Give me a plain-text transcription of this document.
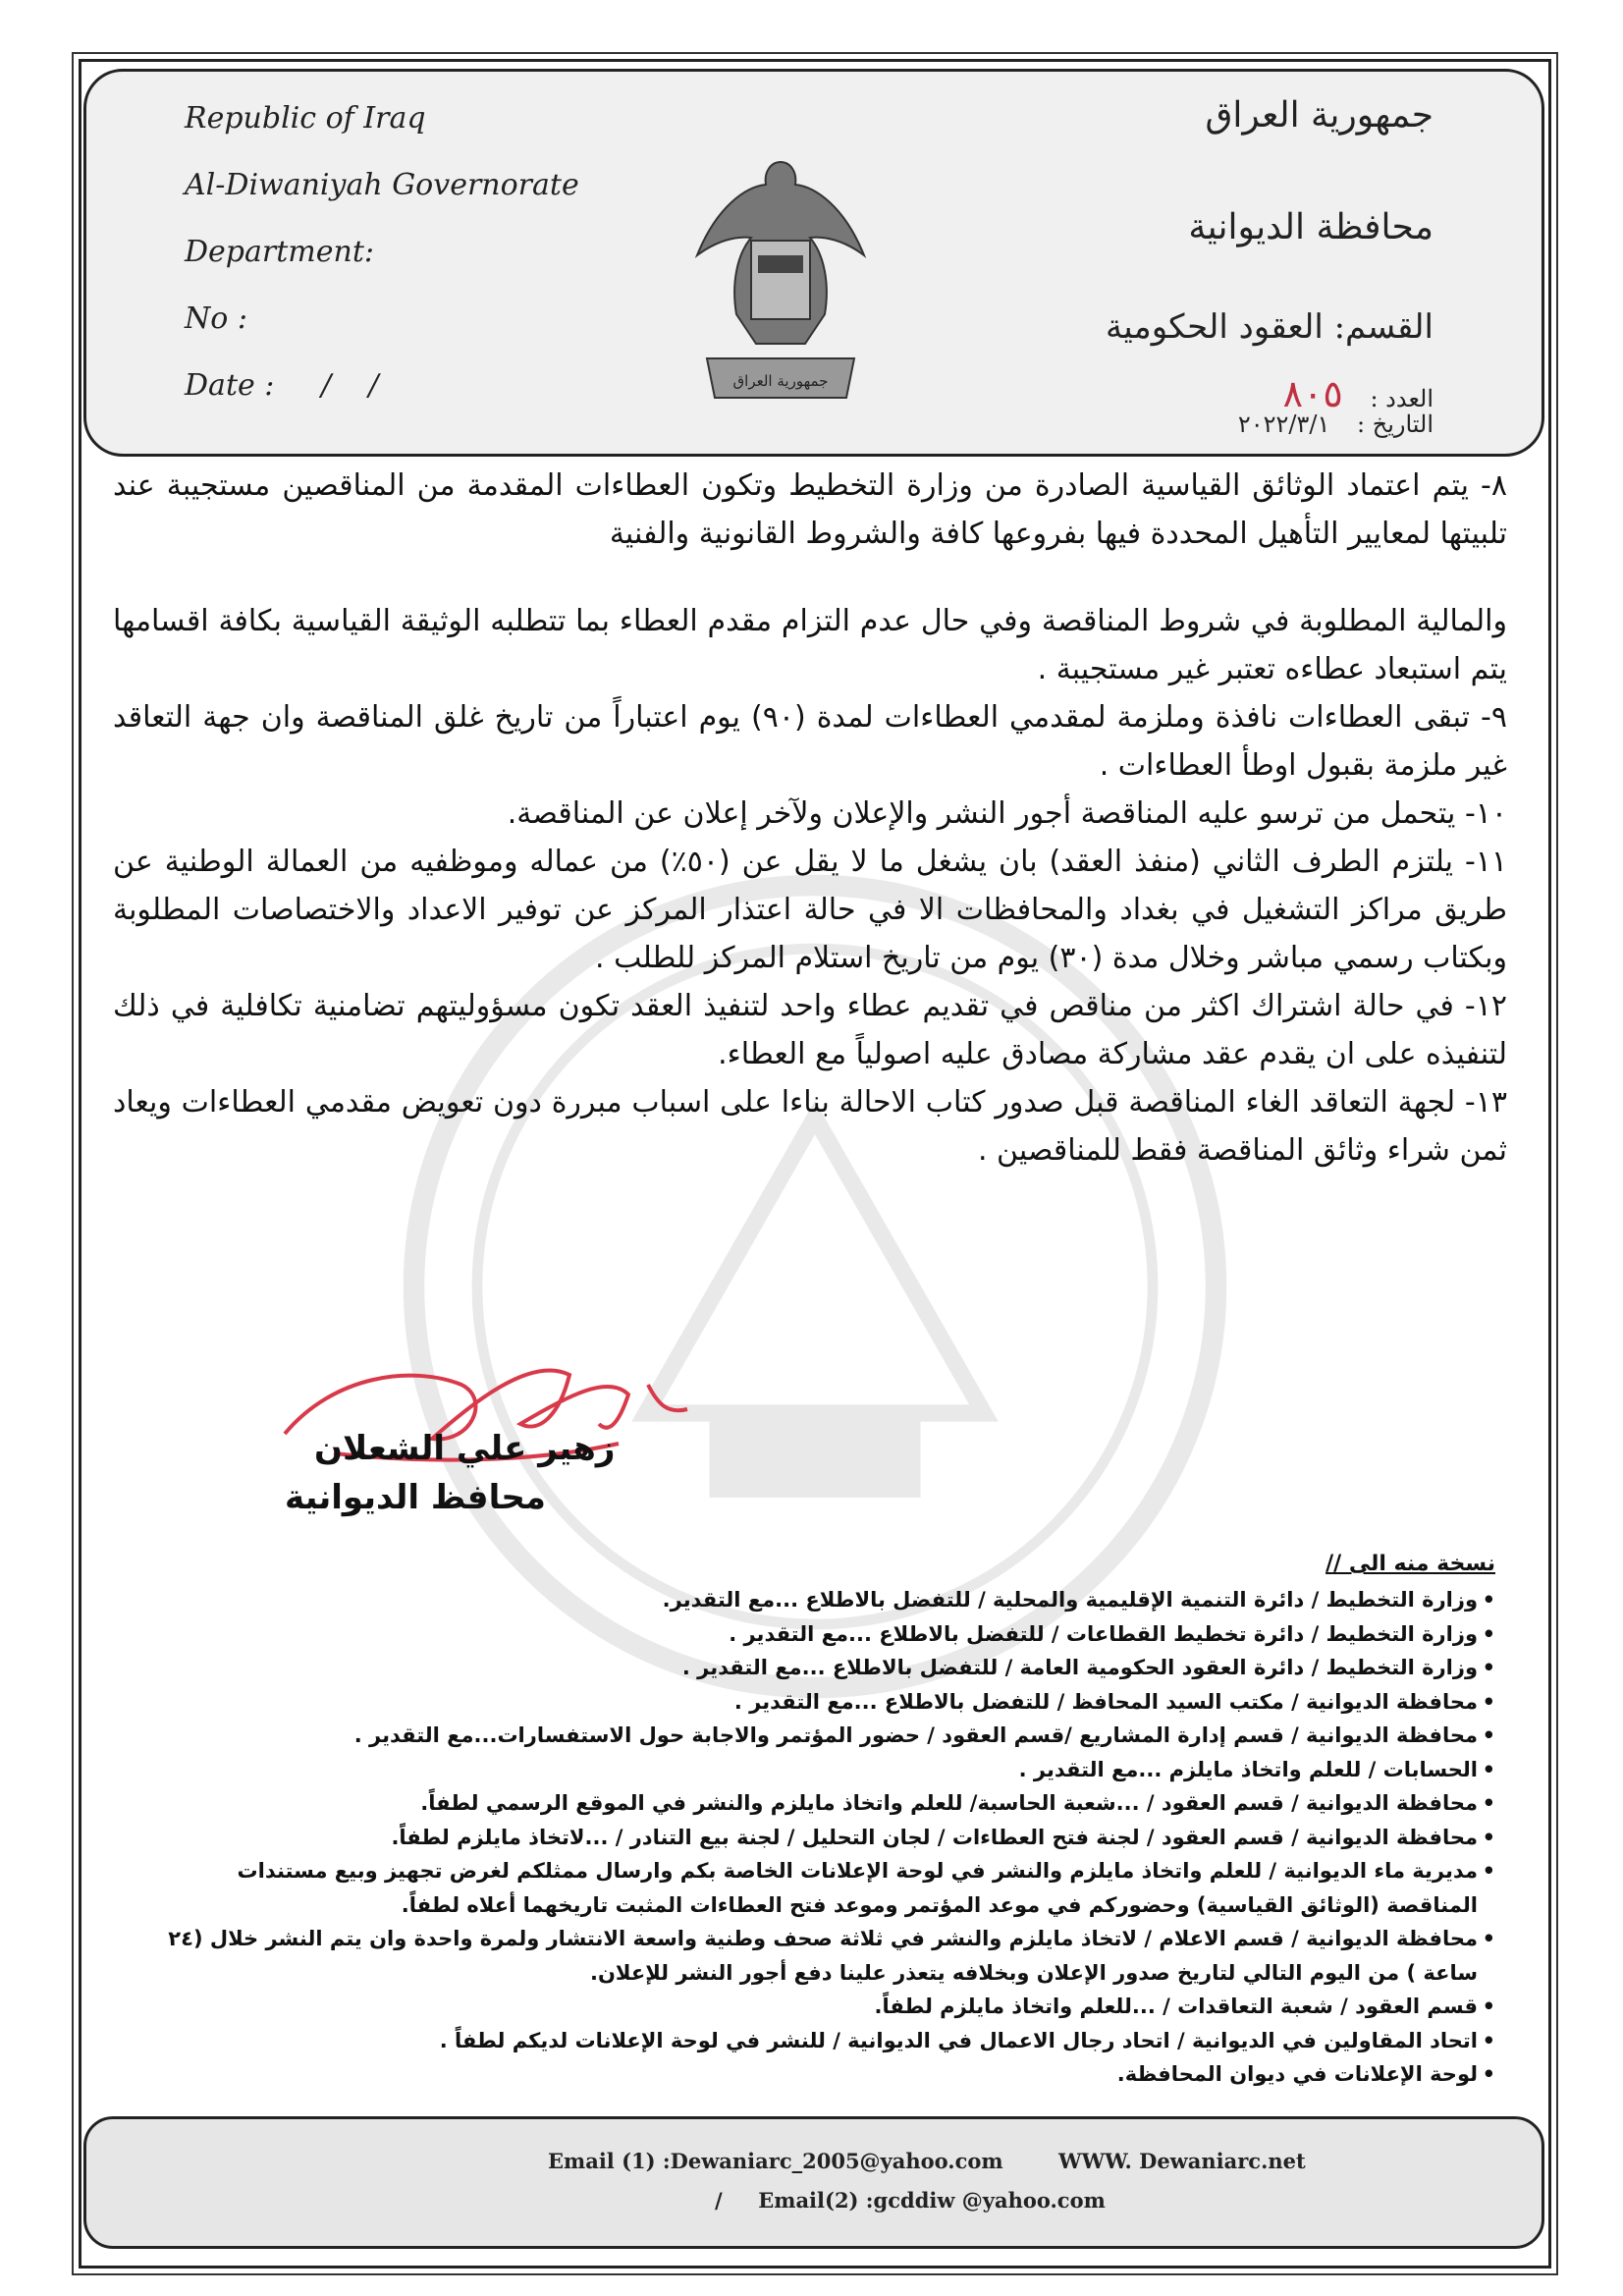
Republic of Iraq
Al-Diwaniyah Governorate
Department:
No :
Date :     /    /
جمهورية العراق
محافظة الديوانية
القسم: العقود الحكومية
العدد : ٨٠٥
التاريخ : ٢٠٢٢/٣/١
جمهورية العراق

٨- يتم اعتماد الوثائق القياسية الصادرة من وزارة التخطيط وتكون العطاءات المقدمة من المناقصين مستجيبة عند تلبيتها لمعايير التأهيل المحددة فيها بفروعها كافة والشروط القانونية والفنية

والمالية المطلوبة في شروط المناقصة وفي حال عدم التزام مقدم العطاء بما تتطلبه الوثيقة القياسية بكافة اقسامها يتم استبعاد عطاءه تعتبر غير مستجيبة .

٩- تبقى العطاءات نافذة وملزمة لمقدمي العطاءات لمدة (٩٠) يوم اعتباراً من تاريخ غلق المناقصة وان جهة التعاقد غير ملزمة بقبول اوطأ العطاءات .

١٠- يتحمل من ترسو عليه المناقصة أجور النشر والإعلان ولآخر إعلان عن المناقصة.

١١- يلتزم الطرف الثاني (منفذ العقد) بان يشغل ما لا يقل عن (٥٠٪) من عماله وموظفيه من العمالة الوطنية عن طريق مراكز التشغيل في بغداد والمحافظات الا في حالة اعتذار المركز عن توفير الاعداد والاختصاصات المطلوبة وبكتاب رسمي مباشر وخلال مدة (٣٠) يوم من تاريخ استلام المركز للطلب .

١٢- في حالة اشتراك اكثر من مناقص في تقديم عطاء واحد لتنفيذ العقد تكون مسؤوليتهم تضامنية تكافلية في ذلك لتنفيذه على ان يقدم عقد مشاركة مصادق عليه اصولياً مع العطاء.

١٣- لجهة التعاقد الغاء المناقصة قبل صدور كتاب الاحالة بناءا على اسباب مبررة دون تعويض مقدمي العطاءات ويعاد ثمن شراء وثائق المناقصة فقط للمناقصين .

زهير علي الشعلان
محافظ الديوانية
نسخة منه الى //
• وزارة التخطيط / دائرة التنمية الإقليمية والمحلية / للتفضل بالاطلاع ...مع التقدير.
• وزارة التخطيط / دائرة تخطيط القطاعات / للتفضل بالاطلاع ...مع التقدير .
• وزارة التخطيط / دائرة العقود الحكومية العامة / للتفضل بالاطلاع ...مع التقدير .
• محافظة الديوانية / مكتب السيد المحافظ / للتفضل بالاطلاع ...مع التقدير .
• محافظة الديوانية / قسم إدارة المشاريع /قسم العقود / حضور المؤتمر والاجابة حول الاستفسارات...مع التقدير .
• الحسابات / للعلم واتخاذ مايلزم ...مع التقدير .
• محافظة الديوانية / قسم العقود / ...شعبة الحاسبة/ للعلم واتخاذ مايلزم والنشر في الموقع الرسمي لطفاً.
• محافظة الديوانية / قسم العقود / لجنة فتح العطاءات / لجان التحليل / لجنة بيع التنادر / ...لاتخاذ مايلزم لطفاً.
• مديرية ماء الديوانية / للعلم واتخاذ مايلزم والنشر في لوحة الإعلانات الخاصة بكم وارسال ممثلكم لغرض تجهيز وبيع مستندات
المناقصة (الوثائق القياسية) وحضوركم في موعد المؤتمر وموعد فتح العطاءات المثبت تاريخهما أعلاه لطفاً.
• محافظة الديوانية / قسم الاعلام / لاتخاذ مايلزم والنشر في ثلاثة صحف وطنية واسعة الانتشار ولمرة واحدة وان يتم النشر خلال (٢٤
ساعة ) من اليوم التالي لتاريخ صدور الإعلان وبخلافه يتعذر علينا دفع أجور النشر للإعلان.
• قسم العقود / شعبة التعاقدات / ...للعلم واتخاذ مايلزم لطفاً.
• اتحاد المقاولين في الديوانية / اتحاد رجال الاعمال في الديوانية / للنشر في لوحة الإعلانات لديكم لطفاً .
• لوحة الإعلانات في ديوان المحافظة.
Email (1) :Dewaniarc_2005@yahoo.com	WWW. Dewaniarc.net
/     Email(2) :gcddiw @yahoo.com
